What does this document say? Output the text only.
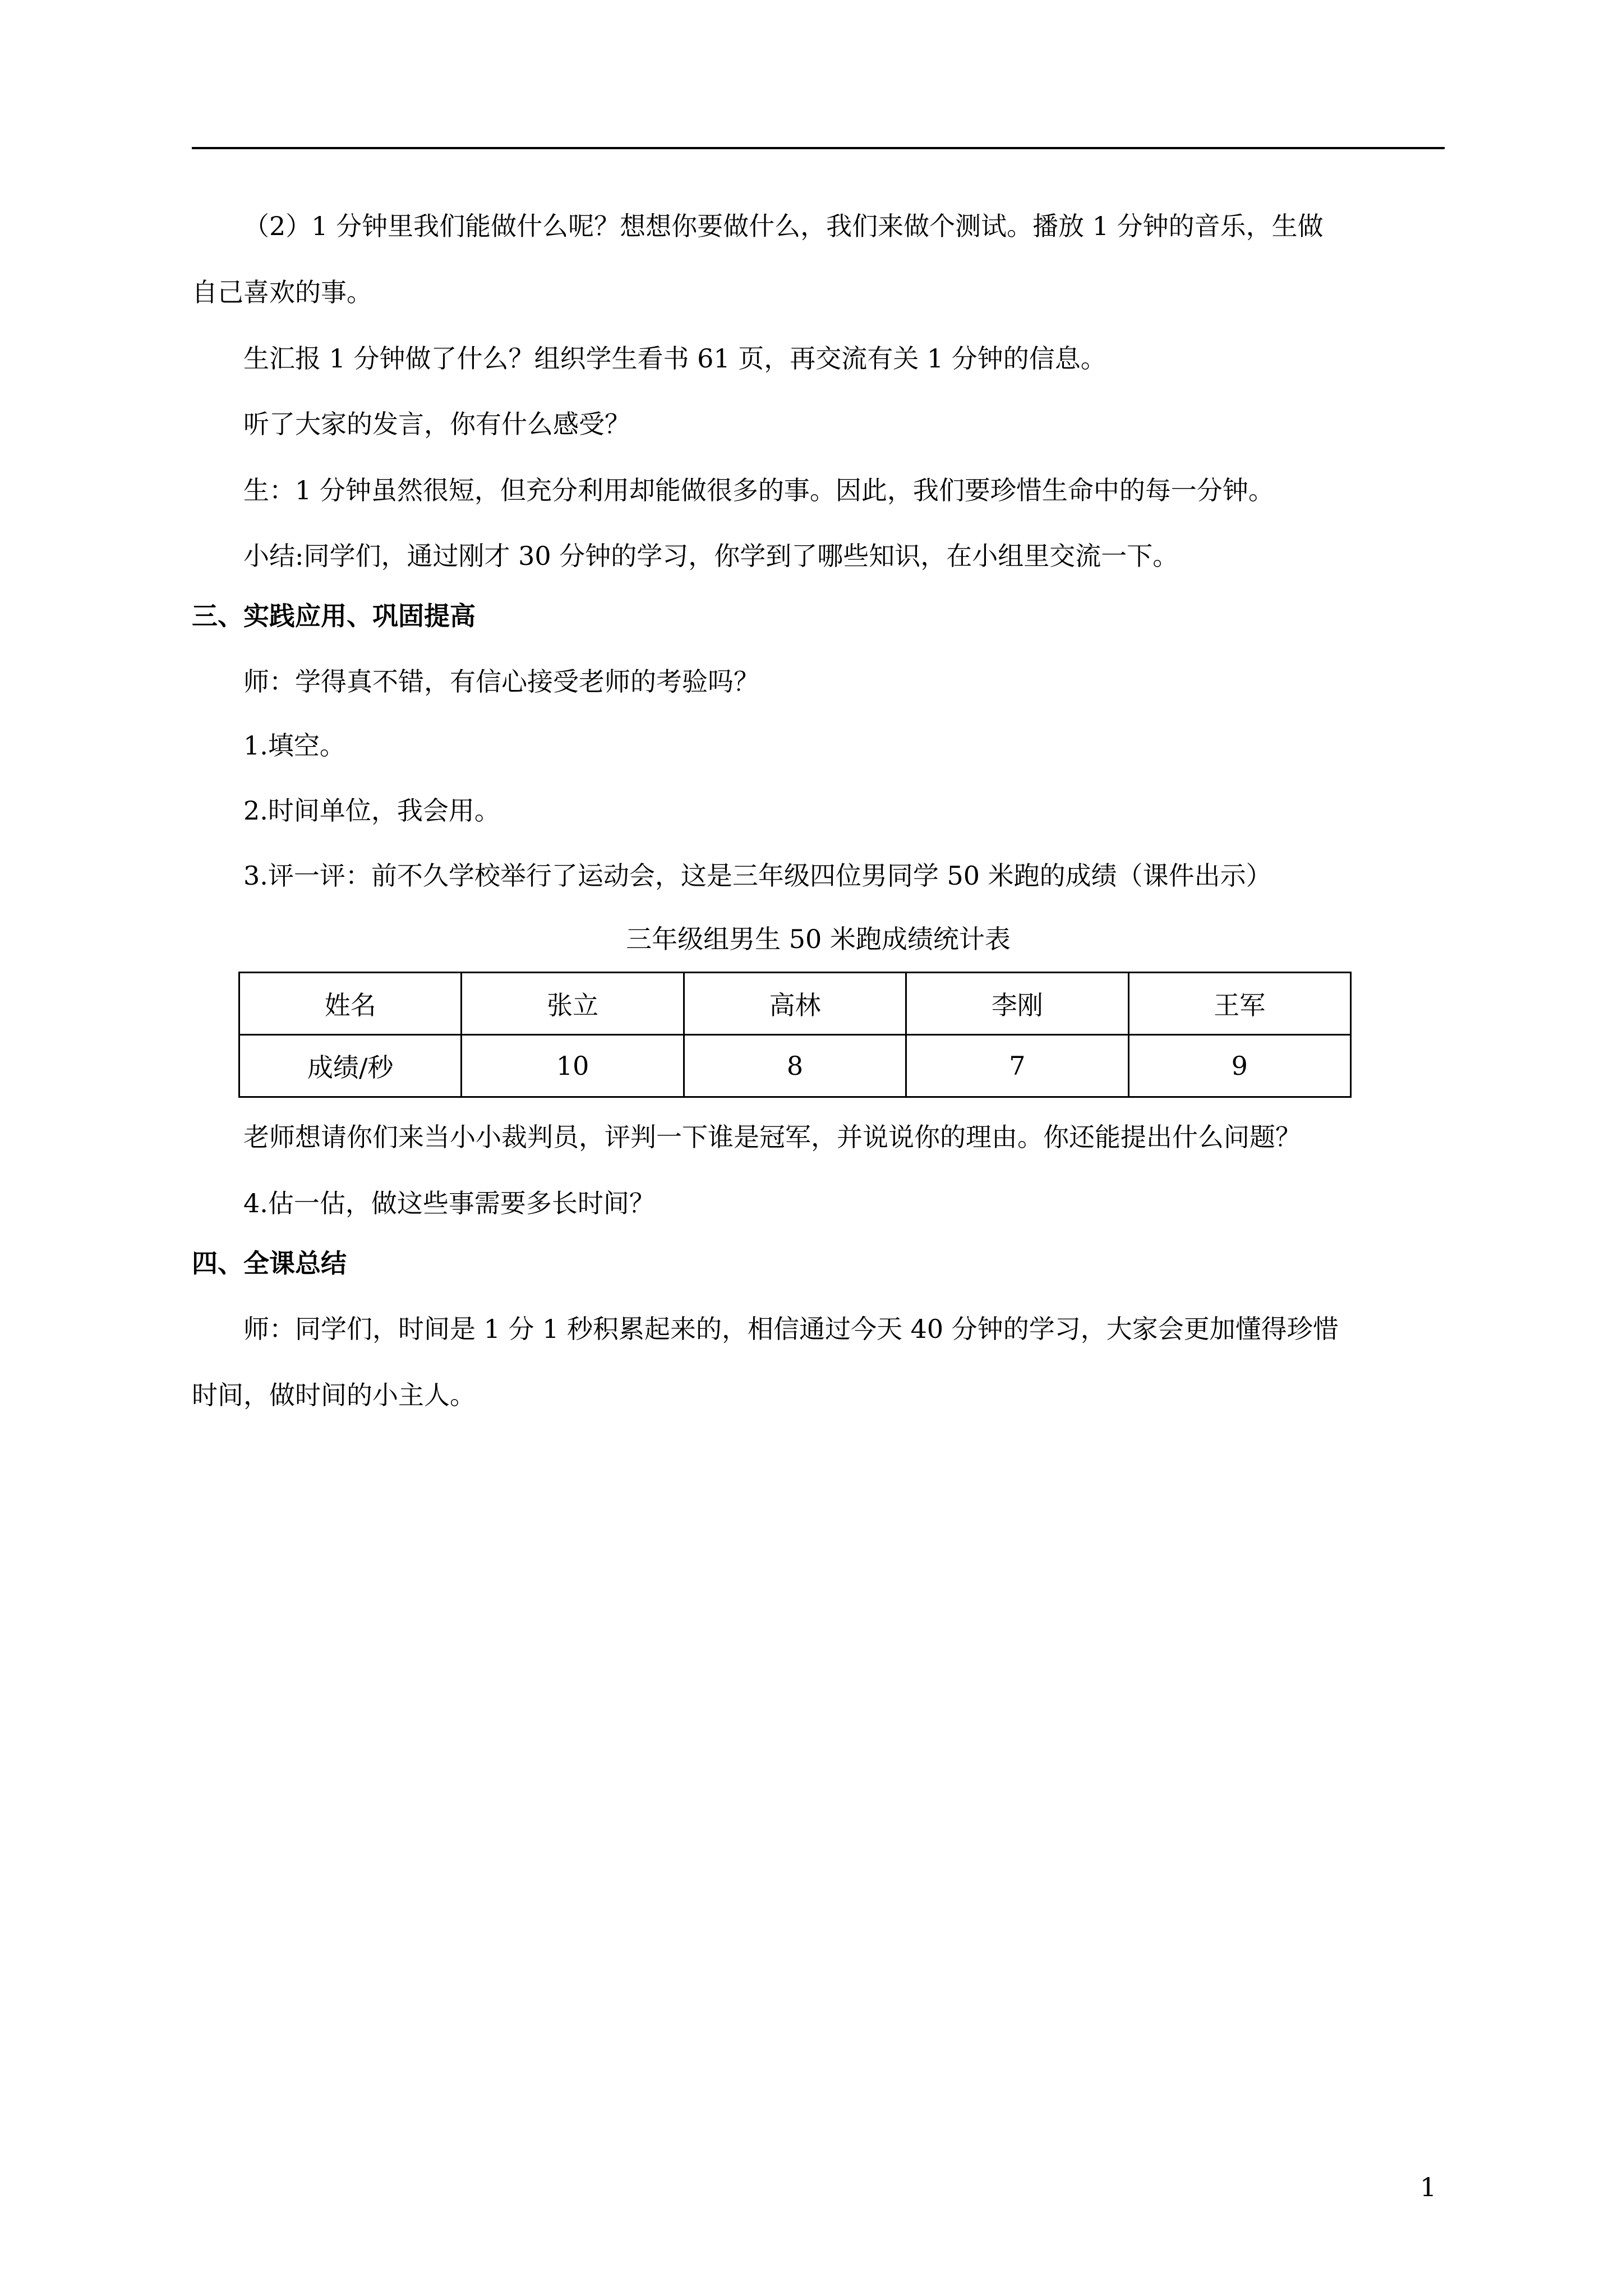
（2）1 分钟里我们能做什么呢？想想你要做什么，我们来做个测试。播放 1 分钟的音乐，生做
自己喜欢的事。
生汇报 1 分钟做了什么？组织学生看书 61 页，再交流有关 1 分钟的信息。
听了大家的发言，你有什么感受？
生：1 分钟虽然很短，但充分利用却能做很多的事。因此，我们要珍惜生命中的每一分钟。
小结:同学们，通过刚才 30 分钟的学习，你学到了哪些知识，在小组里交流一下。
三、实践应用、巩固提高
师：学得真不错，有信心接受老师的考验吗？
1.填空。
2.时间单位，我会用。
3.评一评：前不久学校举行了运动会，这是三年级四位男同学 50 米跑的成绩（课件出示）
三年级组男生 50 米跑成绩统计表
姓名	张立	高林	李刚	王军
成绩/秒	10	8	7	9
老师想请你们来当小小裁判员，评判一下谁是冠军，并说说你的理由。你还能提出什么问题？
4.估一估，做这些事需要多长时间？
四、全课总结
师：同学们，时间是 1 分 1 秒积累起来的，相信通过今天 40 分钟的学习，大家会更加懂得珍惜
时间，做时间的小主人。
1
